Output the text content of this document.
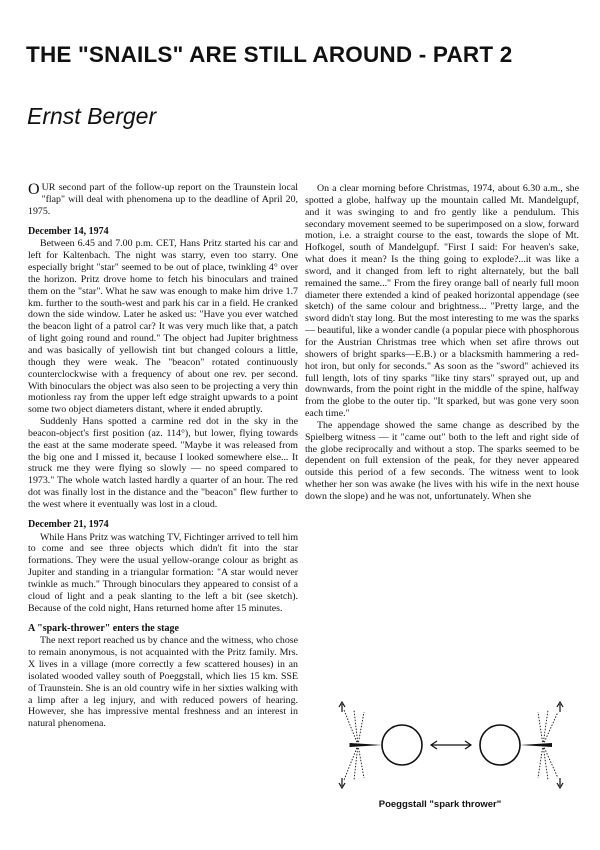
THE "SNAILS" ARE STILL AROUND - PART 2
Ernst Berger

OUR second part of the follow-up report on the Traunstein local "flap" will deal with phenomena up to the deadline of April 20, 1975.

December 14, 1974

Between 6.45 and 7.00 p.m. CET, Hans Pritz started his car and left for Kaltenbach. The night was starry, even too starry. One especially bright "star" seemed to be out of place, twinkling 4° over the horizon. Pritz drove home to fetch his binoculars and trained them on the "star". What he saw was enough to make him drive 1.7 km. further to the south-west and park his car in a field. He cranked down the side window. Later he asked us: "Have you ever watched the beacon light of a patrol car? It was very much like that, a patch of light going round and round." The object had Jupiter brightness and was basically of yellowish tint but changed colours a little, though they were weak. The "beacon" rotated continuously counterclockwise with a frequency of about one rev. per second. With binoculars the object was also seen to be projecting a very thin motionless ray from the upper left edge straight upwards to a point some two object diameters distant, where it ended abruptly.

Suddenly Hans spotted a carmine red dot in the sky in the beacon-object's first position (az. 114°), but lower, flying towards the east at the same moderate speed. "Maybe it was released from the big one and I missed it, because I looked somewhere else... It struck me they were flying so slowly — no speed compared to 1973." The whole watch lasted hardly a quarter of an hour. The red dot was finally lost in the distance and the "beacon" flew further to the west where it eventually was lost in a cloud.

December 21, 1974

While Hans Pritz was watching TV, Fichtinger arrived to tell him to come and see three objects which didn't fit into the star formations. They were the usual yellow-orange colour as bright as Jupiter and standing in a triangular formation: "A star would never twinkle as much." Through binoculars they appeared to consist of a cloud of light and a peak slanting to the left a bit (see sketch). Because of the cold night, Hans returned home after 15 minutes.

A "spark-thrower" enters the stage

The next report reached us by chance and the witness, who chose to remain anonymous, is not acquainted with the Pritz family. Mrs. X lives in a village (more correctly a few scattered houses) in an isolated wooded valley south of Poeggstall, which lies 15 km. SSE of Traunstein. She is an old country wife in her sixties walking with a limp after a leg injury, and with reduced powers of hearing. However, she has impressive mental freshness and an interest in natural phenomena.

On a clear morning before Christmas, 1974, about 6.30 a.m., she spotted a globe, halfway up the mountain called Mt. Mandelgupf, and it was swinging to and fro gently like a pendulum. This secondary movement seemed to be superimposed on a slow, forward motion, i.e. a straight course to the east, towards the slope of Mt. Hofkogel, south of Mandelgupf. "First I said: For heaven's sake, what does it mean? Is the thing going to explode?...it was like a sword, and it changed from left to right alternately, but the ball remained the same..." From the firey orange ball of nearly full moon diameter there extended a kind of peaked horizontal appendage (see sketch) of the same colour and brightness... "Pretty large, and the sword didn't stay long. But the most interesting to me was the sparks — beautiful, like a wonder candle (a popular piece with phosphorous for the Austrian Christmas tree which when set afire throws out showers of bright sparks—E.B.) or a blacksmith hammering a red-hot iron, but only for seconds." As soon as the "sword" achieved its full length, lots of tiny sparks "like tiny stars" sprayed out, up and downwards, from the point right in the middle of the spine, halfway from the globe to the outer tip. "It sparked, but was gone very soon each time."

The appendage showed the same change as described by the Spielberg witness — it "came out" both to the left and right side of the globe reciprocally and without a stop. The sparks seemed to be dependent on full extension of the peak, for they never appeared outside this period of a few seconds. The witness went to look whether her son was awake (he lives with his wife in the next house down the slope) and he was not, unfortunately. When she

Poeggstall "spark thrower"
